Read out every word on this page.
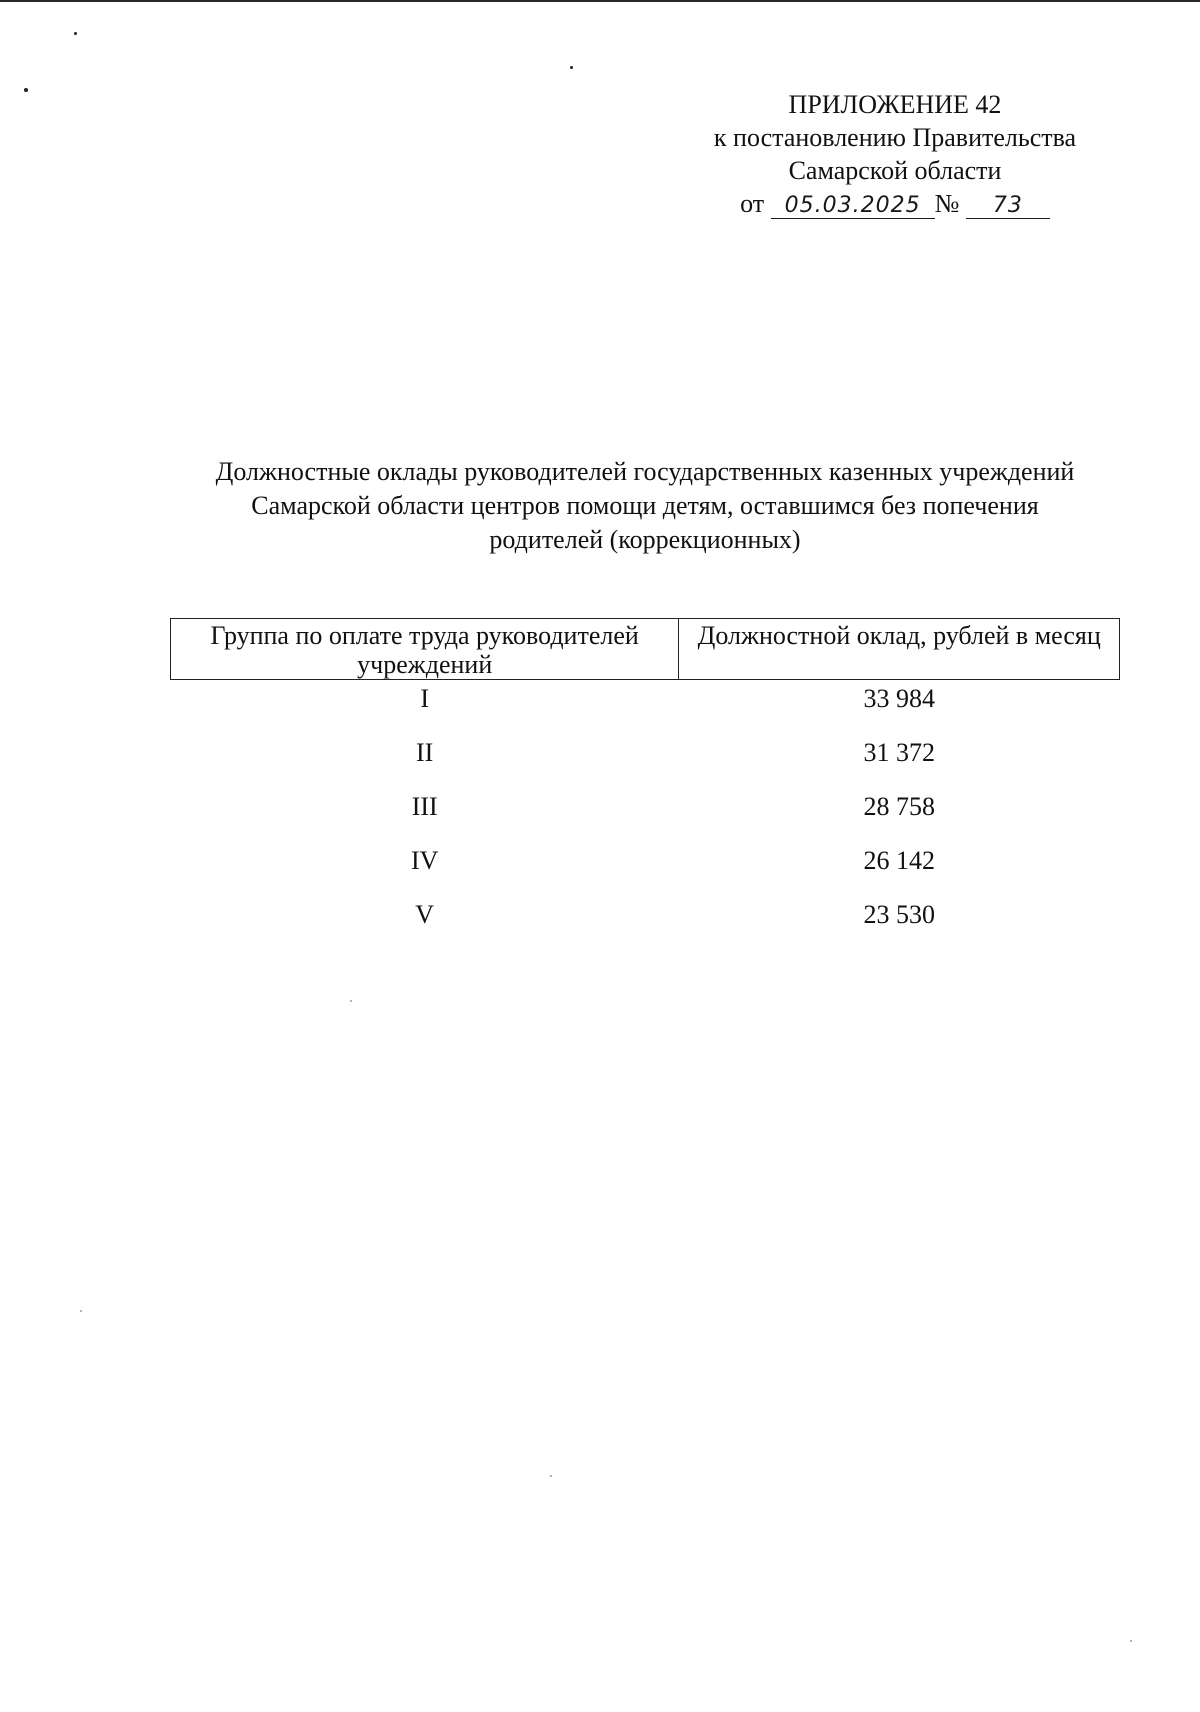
ПРИЛОЖЕНИЕ 42
к постановлению Правительства
Самарской области
от 05.03.2025 № 73
Должностные оклады руководителей государственных казенных учреждений
Самарской области центров помощи детям, оставшимся без попечения
родителей (коррекционных)
Группа по оплате труда руководителей учреждений	Должностной оклад, рублей в месяц
I	33 984
II	31 372
III	28 758
IV	26 142
V	23 530
